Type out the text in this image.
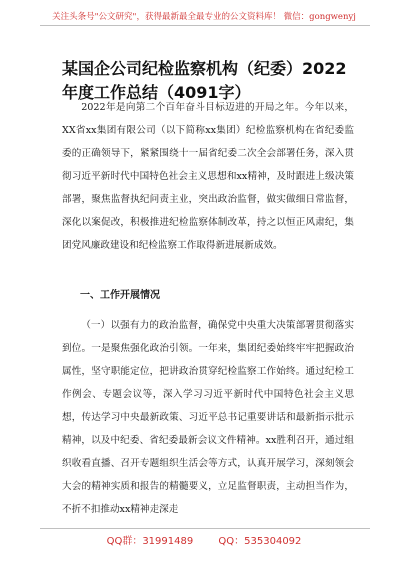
关注头条号"公文研究"，获得最新最全最专业的公文资料库！ 微信：gongwenyj
某国企公司纪检监察机构（纪委）2022年度工作总结（4091字）

2022年是向第二个百年奋斗目标迈进的开局之年。今年以来，XX省xx集团有限公司（以下简称xx集团）纪检监察机构在省纪委监委的正确领导下，紧紧围绕十一届省纪委二次全会部署任务，深入贯彻习近平新时代中国特色社会主义思想和xx精神，及时跟进上级决策部署，聚焦监督执纪问责主业，突出政治监督，做实做细日常监督，深化以案促改，积极推进纪检监察体制改革，持之以恒正风肃纪，集团党风廉政建设和纪检监察工作取得新进展新成效。

一、工作开展情况

（一）以强有力的政治监督，确保党中央重大决策部署贯彻落实到位。一是聚焦强化政治引领。一年来，集团纪委始终牢牢把握政治属性，坚守职能定位，把讲政治贯穿纪检监察工作始终。通过纪检工作例会、专题会议等，深入学习习近平新时代中国特色社会主义思想，传达学习中央最新政策、习近平总书记重要讲话和最新指示批示精神，以及中纪委、省纪委最新会议文件精神。xx胜利召开，通过组织收看直播、召开专题组织生活会等方式，认真开展学习，深刻领会大会的精神实质和报告的精髓要义，立足监督职责，主动担当作为，不折不扣推动xx精神走深走

QQ群：31991489	QQ：535304092
